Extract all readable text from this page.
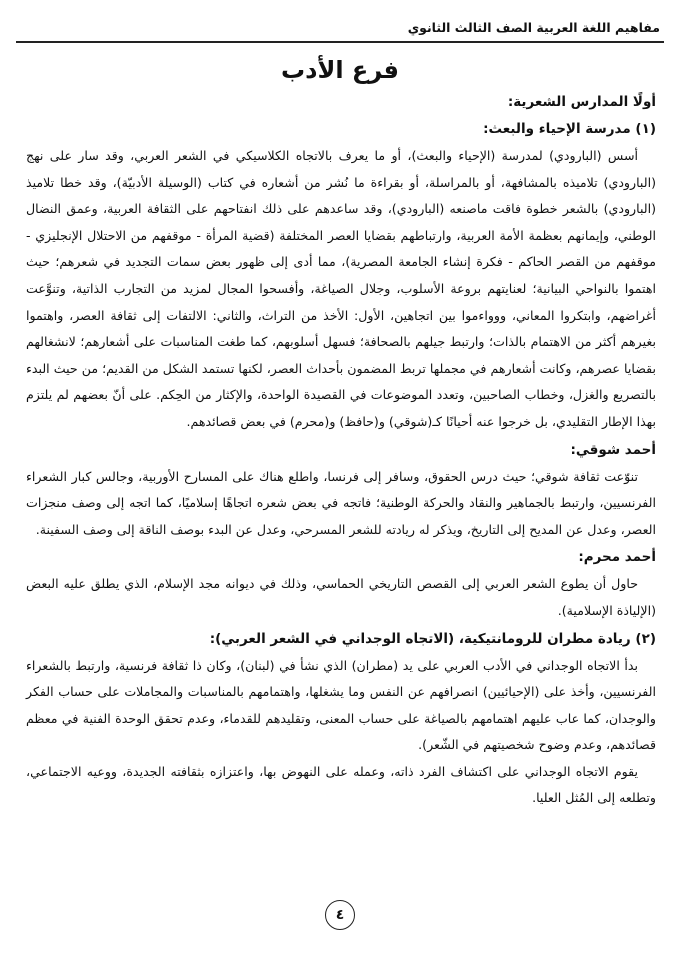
مفاهيم اللغة العربية الصف الثالث الثانوي
فرع الأدب

أولًا المدارس الشعرية:

(١) مدرسة الإحياء والبعث:

أسس (البارودي) لمدرسة (الإحياء والبعث)، أو ما يعرف بالاتجاه الكلاسيكي في الشعر العربي، وقد سار على نهج (البارودي) تلاميذه بالمشافهة، أو بالمراسلة، أو بقراءة ما نُشر من أشعاره في كتاب (الوسيلة الأدبيّة)، وقد خطا تلاميذ (البارودي) بالشعر خطوة فاقت ماصنعه (البارودي)، وقد ساعدهم على ذلك انفتاحهم على الثقافة العربية، وعمق النضال الوطني، وإيمانهم بعظمة الأمة العربية، وارتباطهم بقضايا العصر المختلفة (قضية المرأة - موقفهم من الاحتلال الإنجليزي - موقفهم من القصر الحاكم - فكرة إنشاء الجامعة المصرية)، مما أدى إلى ظهور بعض سمات التجديد في شعرهم؛ حيث اهتموا بالنواحي البيانية؛ لعنايتهم بروعة الأسلوب، وجلال الصياغة، وأفسحوا المجال لمزيد من التجارب الذاتية، وتنوَّعت أغراضهم، وابتكروا المعاني، ووواءموا بين اتجاهين، الأول: الأخذ من التراث، والثاني: الالتفات إلى ثقافة العصر، واهتموا بغيرهم أكثر من الاهتمام بالذات؛ وارتبط جيلهم بالصحافة؛ فسهل أسلوبهم، كما طغت المناسبات على أشعارهم؛ لانشغالهم بقضايا عصرهم، وكانت أشعارهم في مجملها تربط المضمون بأحداث العصر، لكنها تستمد الشكل من القديم؛ من حيث البدء بالتصريع والغزل، وخطاب الصاحبين، وتعدد الموضوعات في القصيدة الواحدة، والإكثار من الحِكم. على أنّ بعضهم لم يلتزم بهذا الإطار التقليدي، بل خرجوا عنه أحيانًا كـ(شوقي) و(حافظ) و(محرم) في بعض قصائدهم.

أحمد شوقي:

تنوّعت ثقافة شوقي؛ حيث درس الحقوق، وسافر إلى فرنسا، واطلع هناك على المسارح الأوربية، وجالس كبار الشعراء الفرنسيين، وارتبط بالجماهير والنقاد والحركة الوطنية؛ فاتجه في بعض شعره اتجاهًا إسلاميًا، كما اتجه إلى وصف منجزات العصر، وعدل عن المديح إلى التاريخ، ويذكر له ريادته للشعر المسرحي، وعدل عن البدء بوصف الناقة إلى وصف السفينة.

أحمد محرم:

حاول أن يطوع الشعر العربي إلى القصص التاريخي الحماسي، وذلك في ديوانه مجد الإسلام، الذي يطلق عليه البعض (الإلياذة الإسلامية).

(٢) ريادة مطران للرومانتيكية، (الاتجاه الوجداني في الشعر العربي):

بدأ الاتجاه الوجداني في الأدب العربي على يد (مطران) الذي نشأ في (لبنان)، وكان ذا ثقافة فرنسية، وارتبط بالشعراء الفرنسيين، وأخذ على (الإحيائيين) انصرافهم عن النفس وما يشغلها، واهتمامهم بالمناسبات والمجاملات على حساب الفكر والوجدان، كما عاب عليهم اهتمامهم بالصياغة على حساب المعنى، وتقليدهم للقدماء، وعدم تحقق الوحدة الفنية في معظم قصائدهم، وعدم وضوح شخصيتهم في الشّعر).

يقوم الاتجاه الوجداني على اكتشاف الفرد ذاته، وعمله على النهوض بها، واعتزازه بثقافته الجديدة، ووعيه الاجتماعي، وتطلعه إلى المُثل العليا.

٤
